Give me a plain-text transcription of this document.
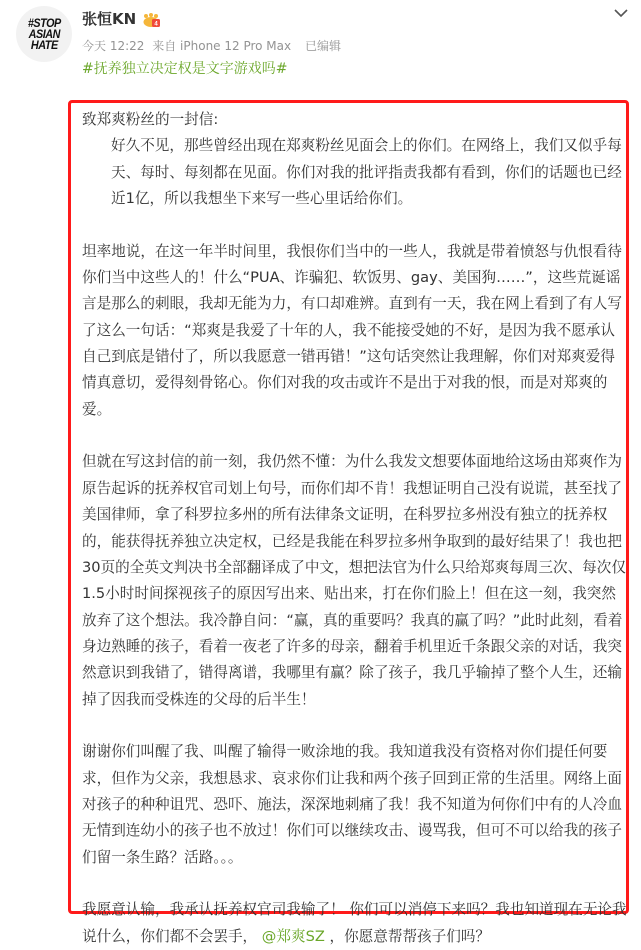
#STOP
ASIAN
HATE
张恒KN	4
今天 12:22 来自 iPhone 12 Pro Max 已编辑
#抚养独立决定权是文字游戏吗#

致郑爽粉丝的一封信:

好久不见，那些曾经出现在郑爽粉丝见面会上的你们。在网络上，我们又似乎每天、每时、每刻都在见面。你们对我的批评指责我都有看到，你们的话题也已经近1亿，所以我想坐下来写一些心里话给你们。

坦率地说，在这一年半时间里，我恨你们当中的一些人，我就是带着愤怒与仇恨看待你们当中这些人的！什么“PUA、诈骗犯、软饭男、gay、美国狗……”，这些荒诞谣言是那么的刺眼，我却无能为力，有口却难辨。直到有一天，我在网上看到了有人写了这么一句话：“郑爽是我爱了十年的人，我不能接受她的不好，是因为我不愿承认自己到底是错付了，所以我愿意一错再错！”这句话突然让我理解，你们对郑爽爱得情真意切，爱得刻骨铭心。你们对我的攻击或许不是出于对我的恨，而是对郑爽的爱。

但就在写这封信的前一刻，我仍然不懂：为什么我发文想要体面地给这场由郑爽作为原告起诉的抚养权官司划上句号，而你们却不肯！我想证明自己没有说谎，甚至找了美国律师，拿了科罗拉多州的所有法律条文证明，在科罗拉多州没有独立的抚养权的，能获得抚养独立决定权，已经是我能在科罗拉多州争取到的最好结果了！我也把30页的全英文判决书全部翻译成了中文，想把法官为什么只给郑爽每周三次、每次仅1.5小时时间探视孩子的原因写出来、贴出来，打在你们脸上！但在这一刻，我突然放弃了这个想法。我冷静自问：“赢，真的重要吗？我真的赢了吗？”此时此刻，看着身边熟睡的孩子，看着一夜老了许多的母亲，翻着手机里近千条跟父亲的对话，我突然意识到我错了，错得离谱，我哪里有赢？除了孩子，我几乎输掉了整个人生，还输掉了因我而受株连的父母的后半生！

谢谢你们叫醒了我、叫醒了输得一败涂地的我。我知道我没有资格对你们提任何要求，但作为父亲，我想恳求、哀求你们让我和两个孩子回到正常的生活里。网络上面对孩子的种种诅咒、恐吓、施法，深深地刺痛了我！我不知道为何你们中有的人冷血无情到连幼小的孩子也不放过！你们可以继续攻击、谩骂我，但可不可以给我的孩子们留一条生路？活路。。。

我愿意认输，我承认抚养权官司我输了！ 你们可以消停下来吗？我也知道现在无论我说什么，你们都不会罢手， @郑爽SZ ，你愿意帮帮孩子们吗？
